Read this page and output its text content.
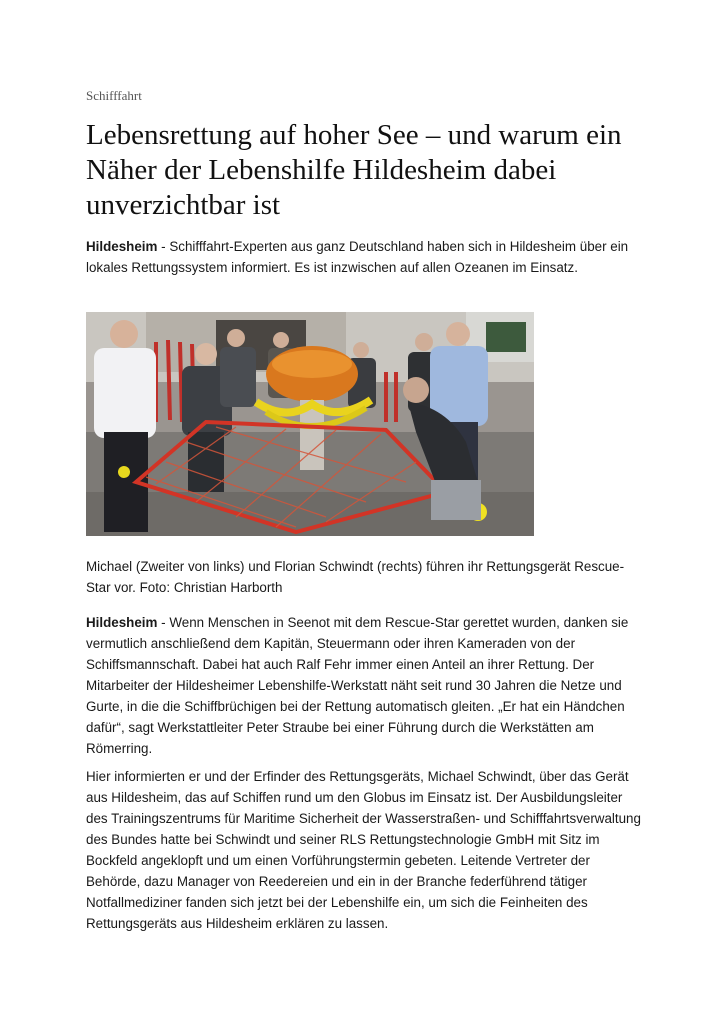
Schifffahrt
Lebensrettung auf hoher See – und warum ein Näher der Lebenshilfe Hildesheim dabei unverzichtbar ist

Hildesheim - Schifffahrt-Experten aus ganz Deutschland haben sich in Hildesheim über ein lokales Rettungssystem informiert. Es ist inzwischen auf allen Ozeanen im Einsatz.

Michael (Zweiter von links) und Florian Schwindt (rechts) führen ihr Rettungsgerät Rescue-Star vor. Foto: Christian Harborth

Hildesheim - Wenn Menschen in Seenot mit dem Rescue-Star gerettet wurden, danken sie vermutlich anschließend dem Kapitän, Steuermann oder ihren Kameraden von der Schiffsmannschaft. Dabei hat auch Ralf Fehr immer einen Anteil an ihrer Rettung. Der Mitarbeiter der Hildesheimer Lebenshilfe-Werkstatt näht seit rund 30 Jahren die Netze und Gurte, in die die Schiffbrüchigen bei der Rettung automatisch gleiten. „Er hat ein Händchen dafür“, sagt Werkstattleiter Peter Straube bei einer Führung durch die Werkstätten am Römerring.

Hier informierten er und der Erfinder des Rettungsgeräts, Michael Schwindt, über das Gerät aus Hildesheim, das auf Schiffen rund um den Globus im Einsatz ist. Der Ausbildungsleiter des Trainingszentrums für Maritime Sicherheit der Wasserstraßen- und Schifffahrtsverwaltung des Bundes hatte bei Schwindt und seiner RLS Rettungstechnologie GmbH mit Sitz im Bockfeld angeklopft und um einen Vorführungstermin gebeten. Leitende Vertreter der Behörde, dazu Manager von Reedereien und ein in der Branche federführend tätiger Notfallmediziner fanden sich jetzt bei der Lebenshilfe ein, um sich die Feinheiten des Rettungsgeräts aus Hildesheim erklären zu lassen.
